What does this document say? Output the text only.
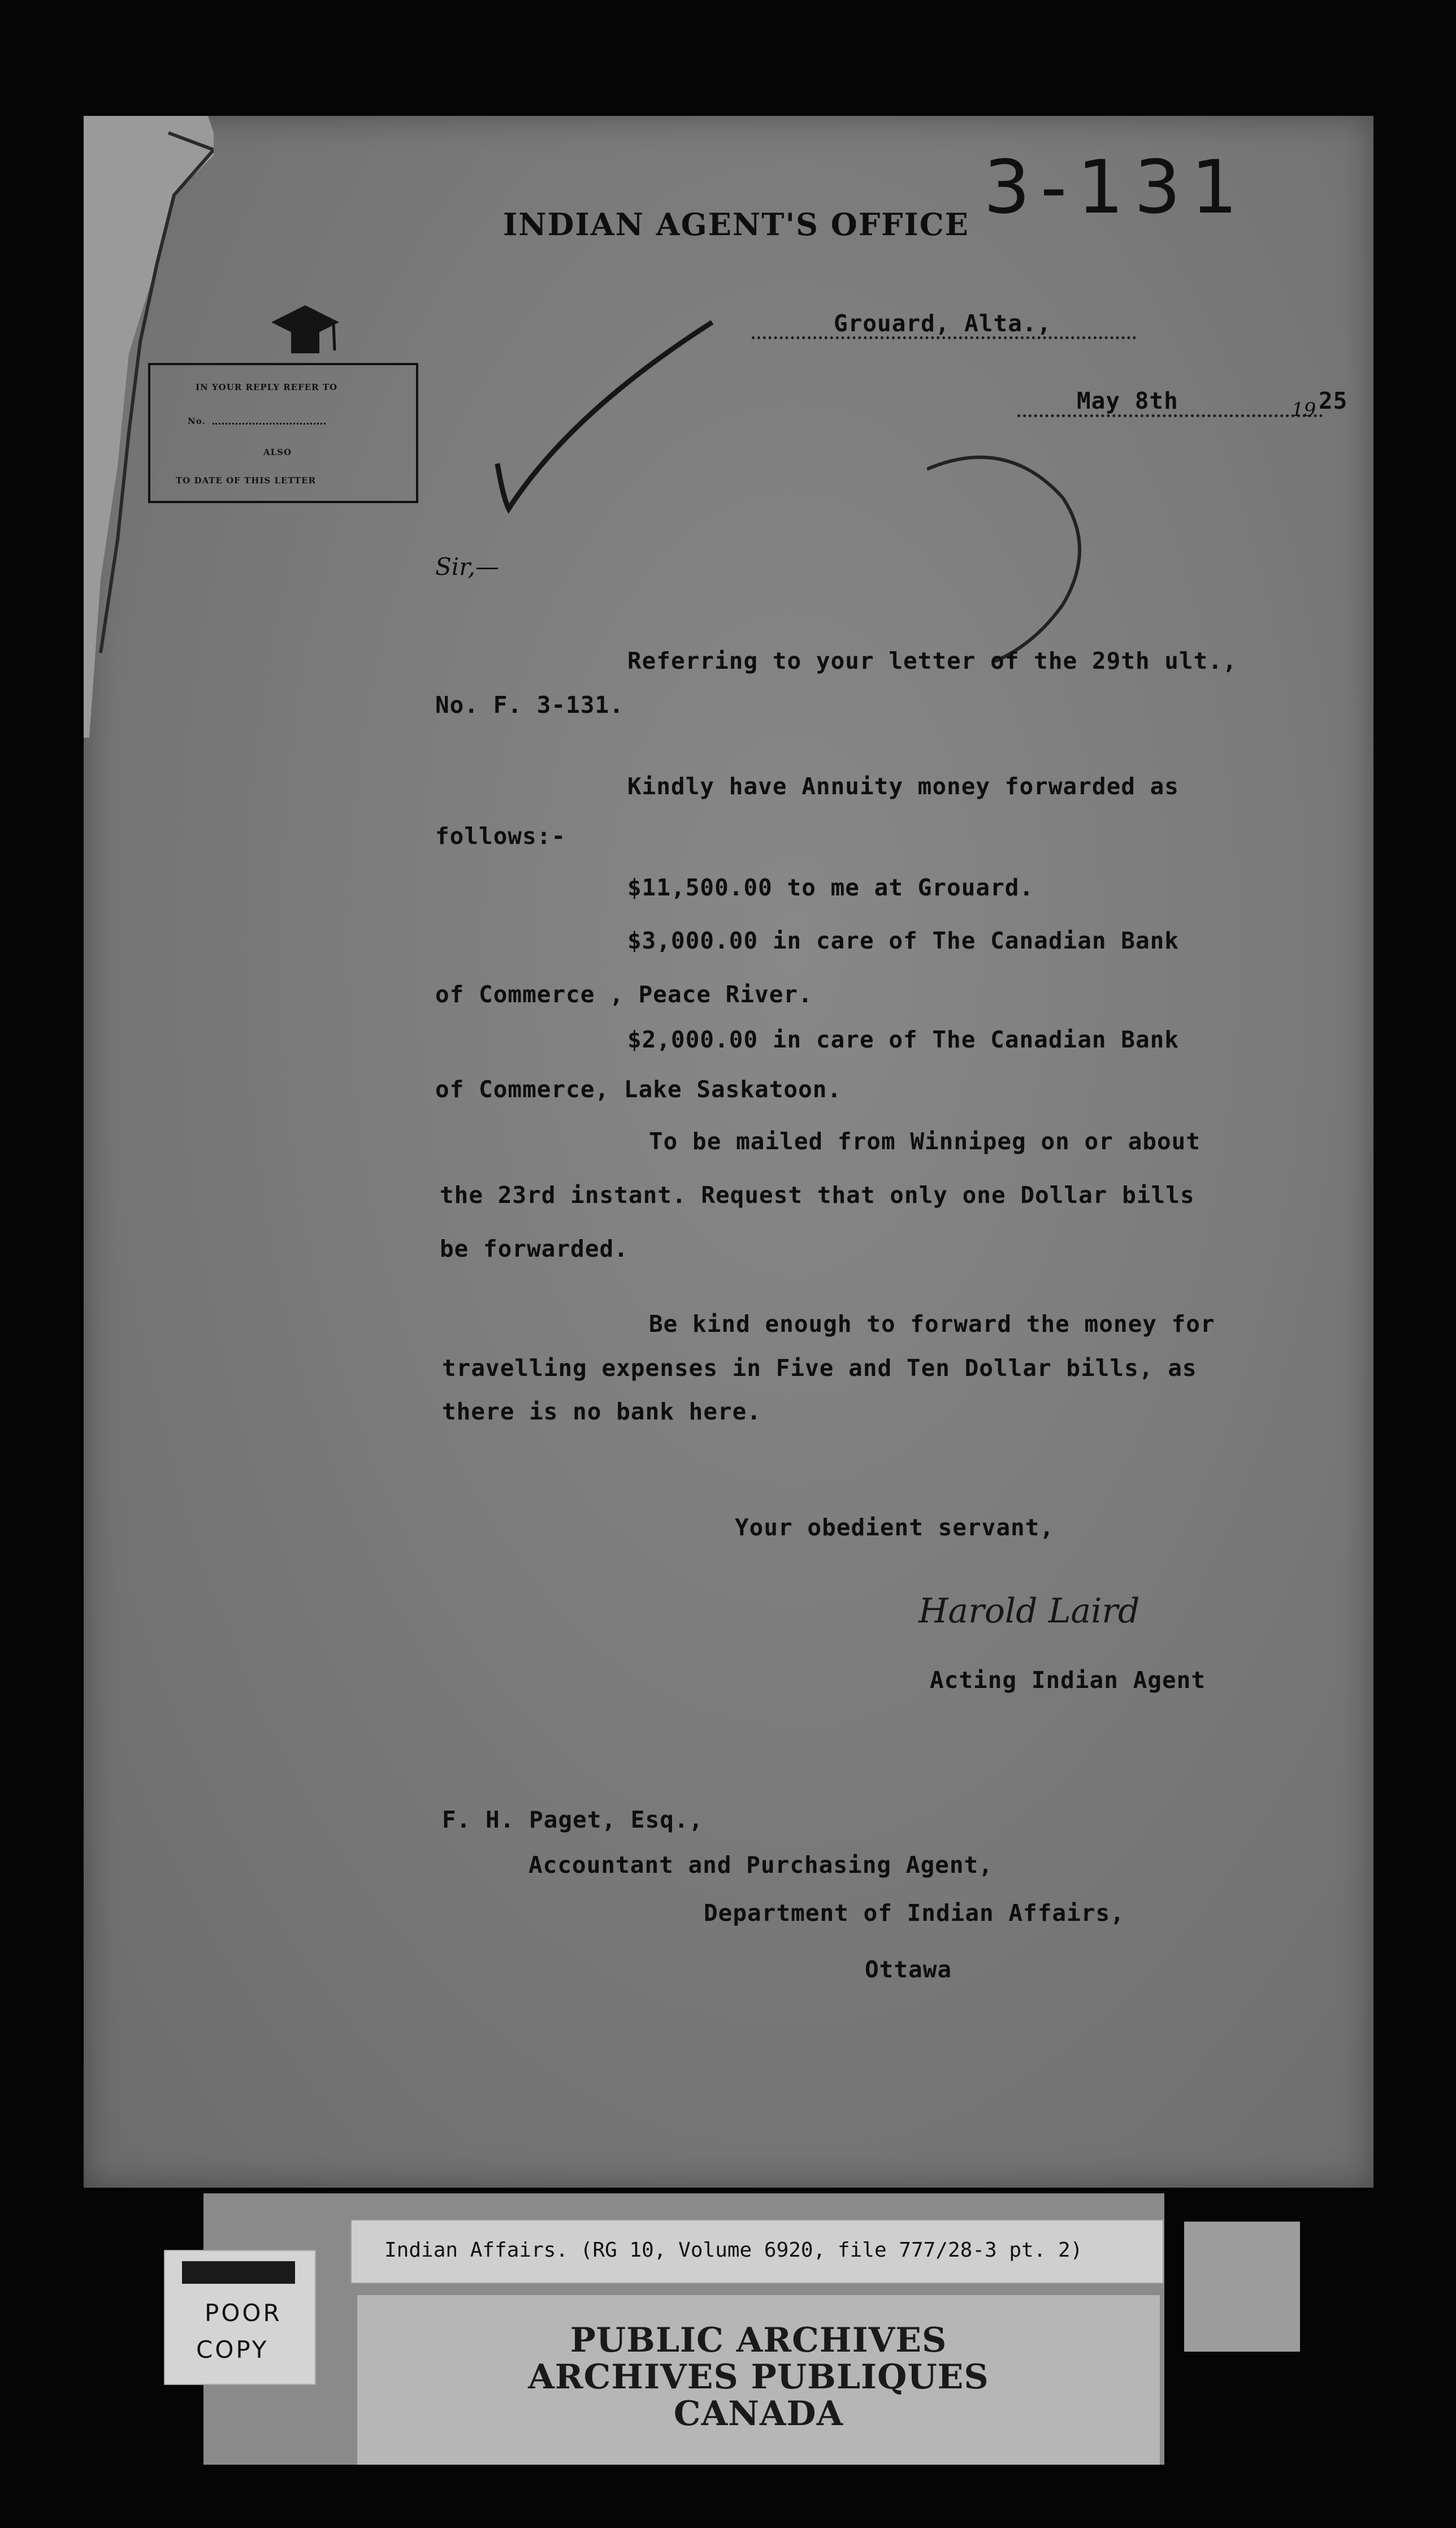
INDIAN AGENT'S OFFICE 3-131
Grouard, Alta.,
May 8th	19 25
IN YOUR REPLY REFER TO
No.
ALSO
TO DATE OF THIS LETTER
Sir,—
Referring to your letter of the 29th ult.,
No. F. 3-131.
Kindly have Annuity money forwarded as
follows:-
$11,500.00 to me at Grouard.
$3,000.00 in care of The Canadian Bank
of Commerce , Peace River.
$2,000.00 in care of The Canadian Bank
of Commerce, Lake Saskatoon.
To be mailed from Winnipeg on or about
the 23rd instant. Request that only one Dollar bills
be forwarded.
Be kind enough to forward the money for
travelling expenses in Five and Ten Dollar bills, as
there is no bank here.
Your obedient servant,
Harold Laird
Acting Indian Agent
F. H. Paget, Esq.,
Accountant and Purchasing Agent,
Department of Indian Affairs,
Ottawa
POOR
COPY
Indian Affairs. (RG 10, Volume 6920, file 777/28-3 pt. 2)
PUBLIC ARCHIVES
ARCHIVES PUBLIQUES
CANADA
